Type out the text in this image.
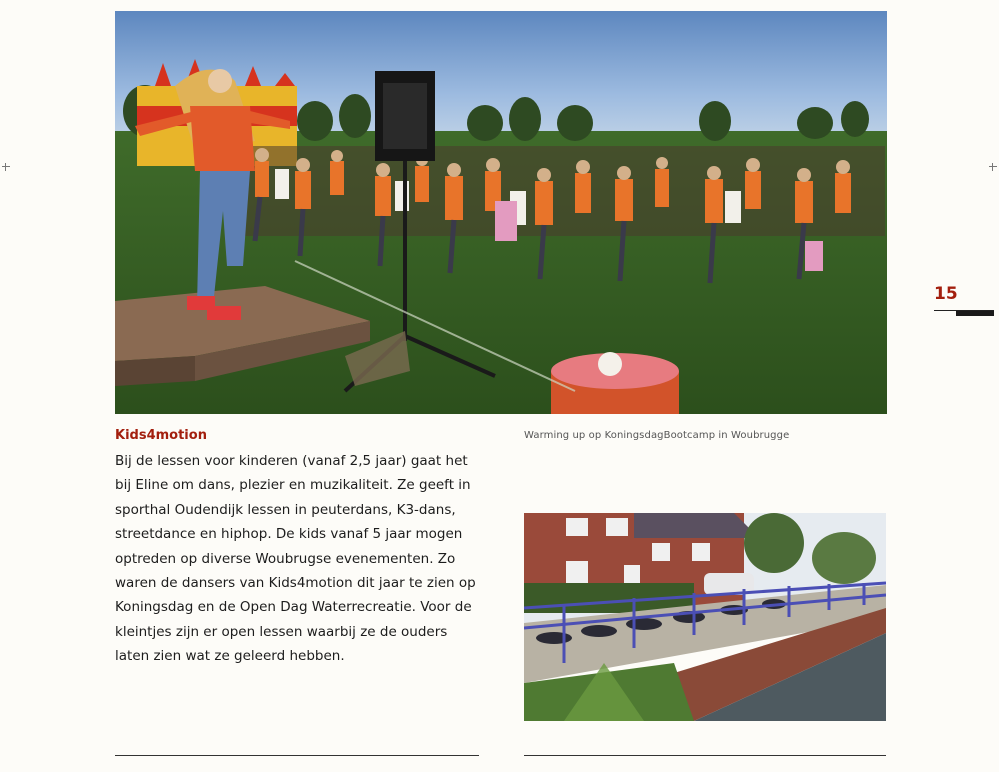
15
Warming up op KoningsdagBootcamp in Woubrugge
Kids4motion

Bij de lessen voor kinderen (vanaf 2,5 jaar) gaat het bij Eline om dans, plezier en muzikaliteit. Ze geeft in sporthal Oudendijk lessen in peuterdans, K3-dans, streetdance en hiphop. De kids vanaf 5 jaar mogen optreden op diverse Woubrugse evenementen. Zo waren de dansers van Kids4motion dit jaar te zien op Koningsdag en de Open Dag Waterrecreatie. Voor de kleintjes zijn er open lessen waarbij ze de ouders laten zien wat ze geleerd hebben.
